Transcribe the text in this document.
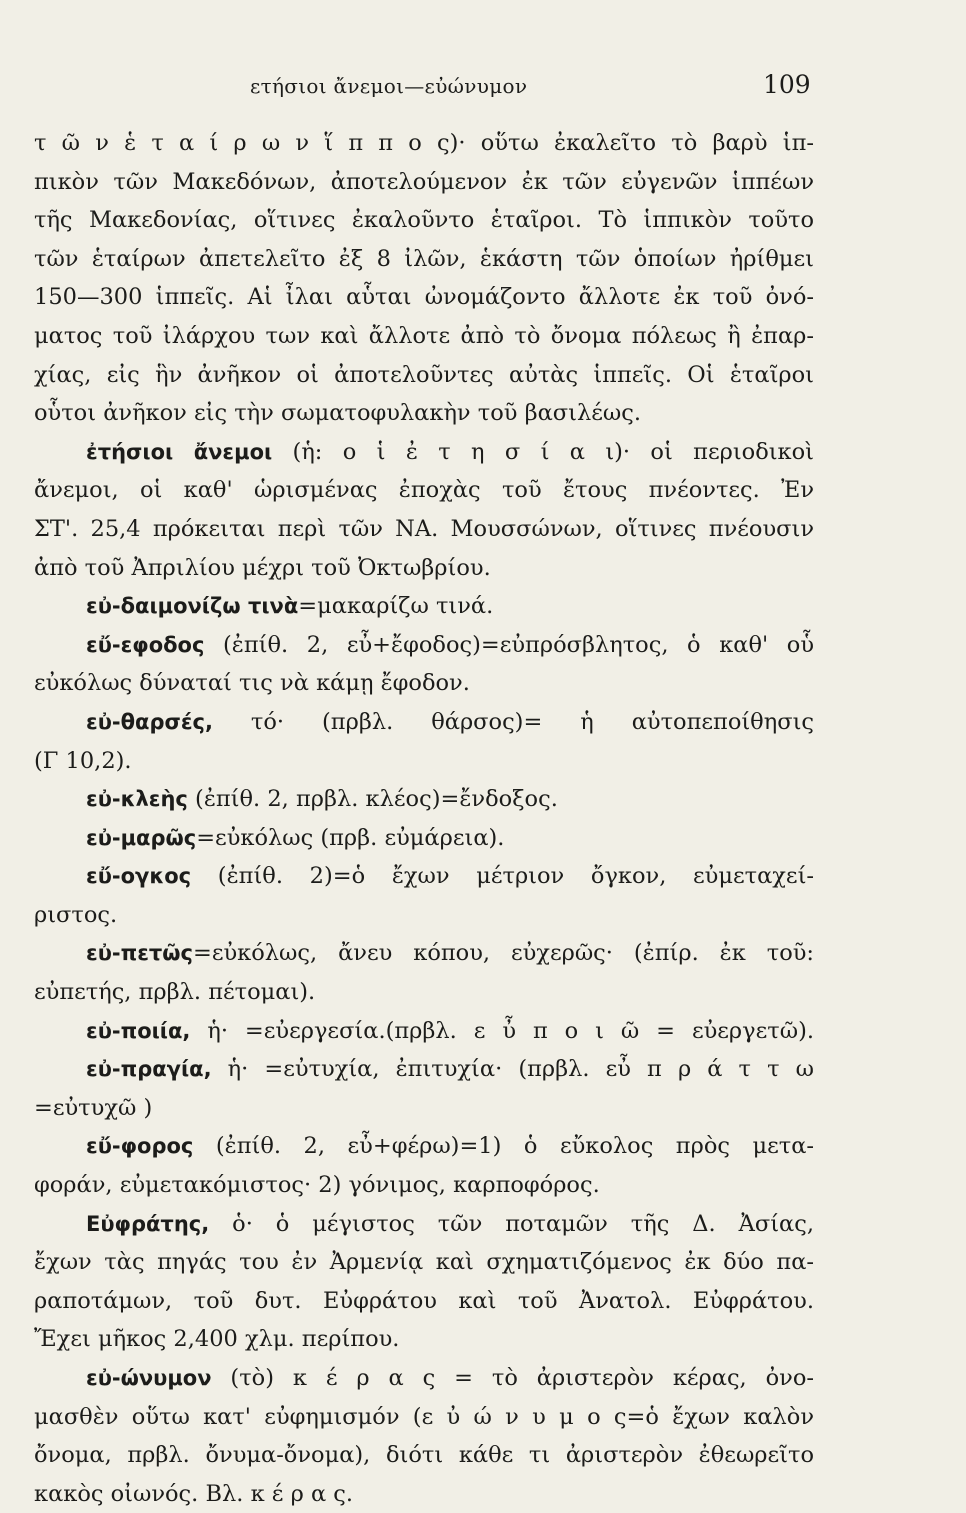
ετήσιοι ἄνεμοι—εὐώνυμον	109
τ ῶ ν ἑ τ α ί ρ ω ν ἵ π π ο ς)· οὕτω ἐκαλεῖτο τὸ βαρὺ ἱπ-
πικὸν τῶν Μακεδόνων, ἀποτελούμενον ἐκ τῶν εὐγενῶν ἱππέων
τῆς Μακεδονίας, οἵτινες ἐκαλοῦντο ἑταῖροι. Τὸ ἱππικὸν τοῦτο
τῶν ἑταίρων ἀπετελεῖτο ἐξ 8 ἰλῶν, ἑκάστη τῶν ὁποίων ἠρίθμει
150—300 ἱππεῖς. Αἱ ἶλαι αὗται ὠνομάζοντο ἄλλοτε ἐκ τοῦ ὀνό-
ματος τοῦ ἰλάρχου των καὶ ἄλλοτε ἀπὸ τὸ ὄνομα πόλεως ἢ ἐπαρ-
χίας, εἰς ἣν ἀνῆκον οἱ ἀποτελοῦντες αὐτὰς ἱππεῖς. Οἱ ἑταῖροι
οὗτοι ἀνῆκον εἰς τὴν σωματοφυλακὴν τοῦ βασιλέως.
ἐτήσιοι ἄνεμοι (ἡ: ο ἱ ἐ τ η σ ί α ι)· οἱ περιοδικοὶ
ἄνεμοι, οἱ καθ' ὡρισμένας ἐποχὰς τοῦ ἔτους πνέοντες. Ἐν
ΣΤ'. 25,4 πρόκειται περὶ τῶν ΝΑ. Μουσσώνων, οἵτινες πνέουσιν
ἀπὸ τοῦ Ἀπριλίου μέχρι τοῦ Ὀκτωβρίου.
εὐ-δαιμονίζω τινὰ=μακαρίζω τινά.
εὔ-εφοδος (ἐπίθ. 2, εὖ+ἔφοδος)=εὐπρόσβλητος, ὁ καθ' οὗ
εὐκόλως δύναταί τις νὰ κάμῃ ἔφοδον.
εὐ-θαρσές, τό· (πρβλ. θάρσος)= ἡ αὐτοπεποίθησις
(Γ 10,2).
εὐ-κλεὴς (ἐπίθ. 2, πρβλ. κλέος)=ἔνδοξος.
εὐ-μαρῶς=εὐκόλως (πρβ. εὐμάρεια).
εὔ-ογκος (ἐπίθ. 2)=ὁ ἔχων μέτριον ὄγκον, εὐμεταχεί-
ριστος.
εὐ-πετῶς=εὐκόλως, ἄνευ κόπου, εὐχερῶς· (ἐπίρ. ἐκ τοῦ:
εὐπετής, πρβλ. πέτομαι).
εὐ-ποιία, ἡ· =εὐεργεσία.(πρβλ. ε ὖ π ο ι ῶ = εὐεργετῶ).
εὐ-πραγία, ἡ· =εὐτυχία, ἐπιτυχία· (πρβλ. εὖ π ρ ά τ τ ω
=εὐτυχῶ )
εὔ-φορος (ἐπίθ. 2, εὖ+φέρω)=1) ὁ εὔκολος πρὸς μετα-
φοράν, εὐμετακόμιστος· 2) γόνιμος, καρποφόρος.
Εὐφράτης, ὁ· ὁ μέγιστος τῶν ποταμῶν τῆς Δ. Ἀσίας,
ἔχων τὰς πηγάς του ἐν Ἀρμενίᾳ καὶ σχηματιζόμενος ἐκ δύο πα-
ραποτάμων, τοῦ δυτ. Εὐφράτου καὶ τοῦ Ἀνατολ. Εὐφράτου.
Ἔχει μῆκος 2,400 χλμ. περίπου.
εὐ-ώνυμον (τὸ) κ έ ρ α ς = τὸ ἀριστερὸν κέρας, ὀνο-
μασθὲν οὕτω κατ' εὐφημισμόν (ε ὐ ώ ν υ μ ο ς=ὁ ἔχων καλὸν
ὄνομα, πρβλ. ὄνυμα-ὄνομα), διότι κάθε τι ἀριστερὸν ἐθεωρεῖτο
κακὸς οἰωνός. Βλ. κ έ ρ α ς.
